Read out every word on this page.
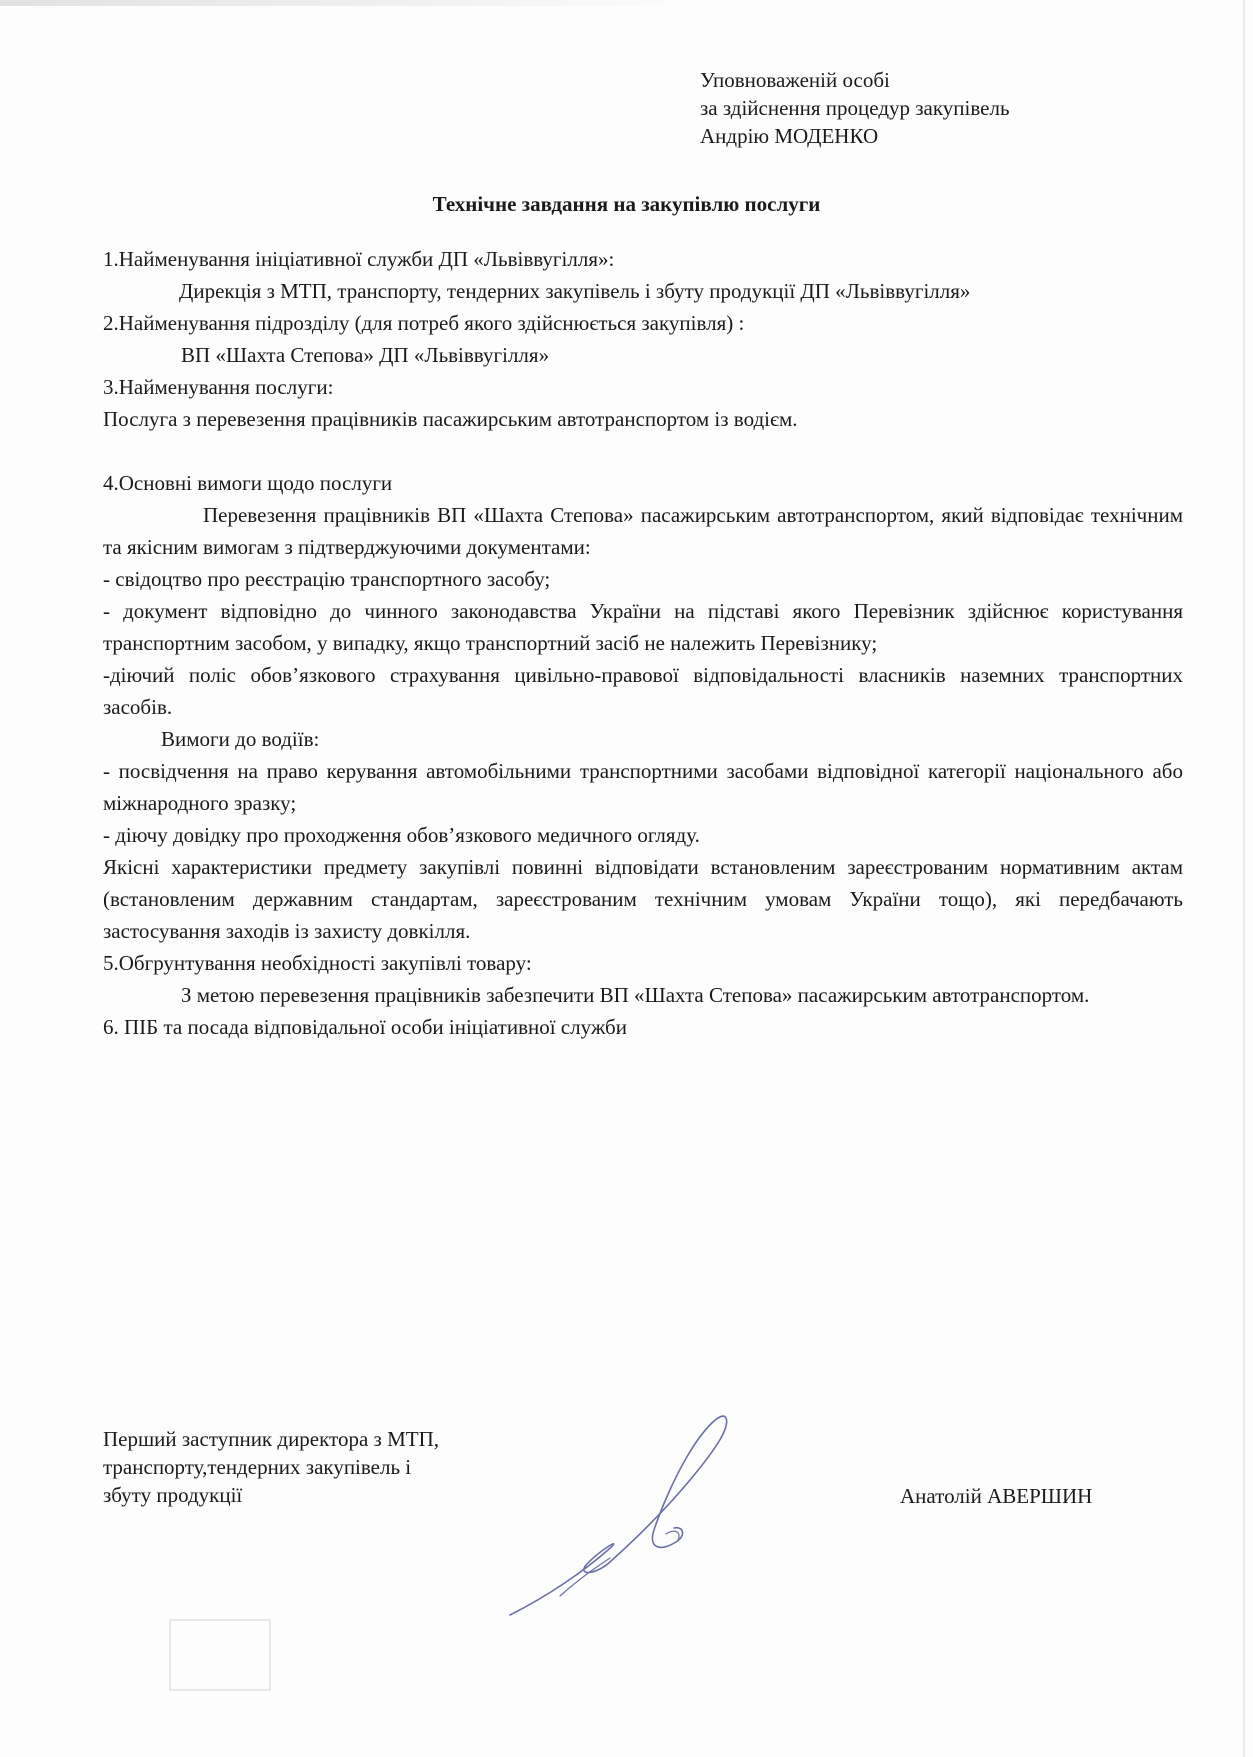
Уповноваженій особі
за здійснення процедур закупівель
Андрію МОДЕНКО
Технічне завдання на закупівлю послуги

1.Найменування ініціативної служби ДП «Львіввугілля»:

Дирекція з МТП, транспорту, тендерних закупівель і збуту продукції ДП «Львіввугілля»

2.Найменування підрозділу (для потреб якого здійснюється закупівля) :

ВП «Шахта Степова» ДП «Львіввугілля»

3.Найменування послуги:

Послуга з перевезення працівників пасажирським автотранспортом із водієм.

4.Основні вимоги щодо послуги

Перевезення працівників ВП «Шахта Степова» пасажирським автотранспортом, який відповідає технічним та якісним вимогам з підтверджуючими документами:

- свідоцтво про реєстрацію транспортного засобу;

- документ відповідно до чинного законодавства України на підставі якого Перевізник здійснює користування транспортним засобом, у випадку, якщо транспортний засіб не належить Перевізнику;

-діючий поліс обов’язкового страхування цивільно-правової відповідальності власників наземних транспортних засобів.

Вимоги до водіїв:

- посвідчення на право керування автомобільними транспортними засобами відповідної категорії національного або міжнародного зразку;

- діючу довідку про проходження обов’язкового медичного огляду.

Якісні характеристики предмету закупівлі повинні відповідати встановленим зареєстрованим нормативним актам (встановленим державним стандартам, зареєстрованим технічним умовам України тощо), які передбачають застосування заходів із захисту довкілля.

5.Обгрунтування необхідності закупівлі товару:

З метою перевезення працівників забезпечити ВП «Шахта Степова» пасажирським автотранспортом.

6. ПІБ та посада відповідальної особи ініціативної служби

Перший заступник директора з МТП,
транспорту,тендерних закупівель і
збуту продукції	Анатолій АВЕРШИН
